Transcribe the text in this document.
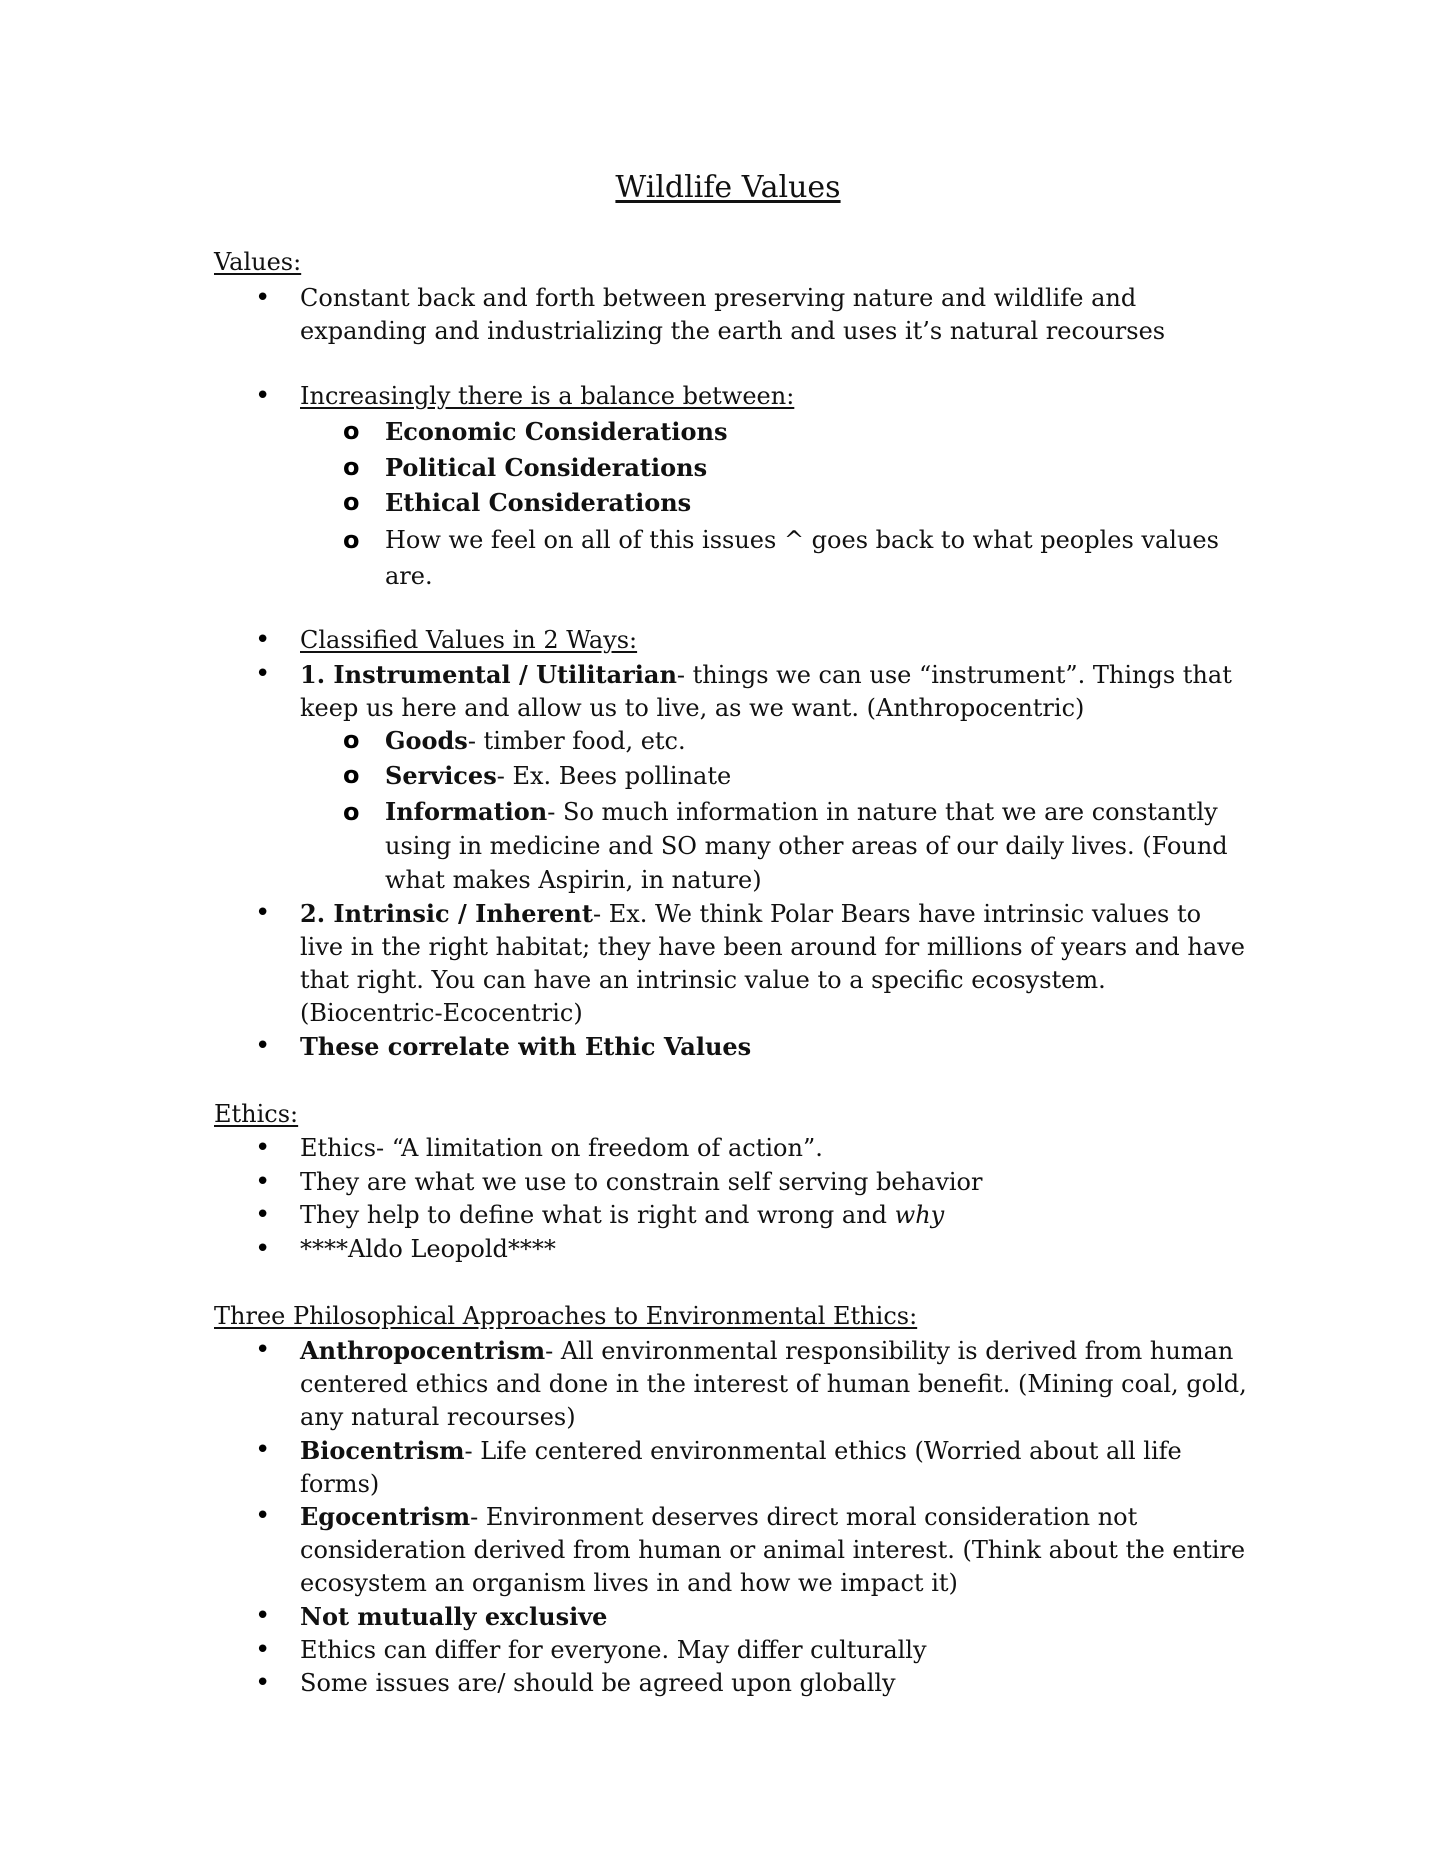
Wildlife Values
Values:
• Constant back and forth between preserving nature and wildlife and expanding and industrializing the earth and uses it’s natural recourses
• Increasingly there is a balance between:
o Economic Considerations
o Political Considerations
o Ethical Considerations
o How we feel on all of this issues ^ goes back to what peoples values are.
• Classified Values in 2 Ways:
• 1. Instrumental / Utilitarian- things we can use “instrument”. Things that keep us here and allow us to live, as we want. (Anthropocentric)
o Goods- timber food, etc.
o Services- Ex. Bees pollinate
o Information- So much information in nature that we are constantly using in medicine and SO many other areas of our daily lives. (Found what makes Aspirin, in nature)
• 2. Intrinsic / Inherent- Ex. We think Polar Bears have intrinsic values to live in the right habitat; they have been around for millions of years and have that right. You can have an intrinsic value to a specific ecosystem. (Biocentric-Ecocentric)
• These correlate with Ethic Values
Ethics:
• Ethics- “A limitation on freedom of action”.
• They are what we use to constrain self serving behavior
• They help to define what is right and wrong and why
• ****Aldo Leopold****
Three Philosophical Approaches to Environmental Ethics:
• Anthropocentrism- All environmental responsibility is derived from human centered ethics and done in the interest of human benefit. (Mining coal, gold, any natural recourses)
• Biocentrism- Life centered environmental ethics (Worried about all life forms)
• Egocentrism- Environment deserves direct moral consideration not consideration derived from human or animal interest. (Think about the entire ecosystem an organism lives in and how we impact it)
• Not mutually exclusive
• Ethics can differ for everyone. May differ culturally
• Some issues are/ should be agreed upon globally
